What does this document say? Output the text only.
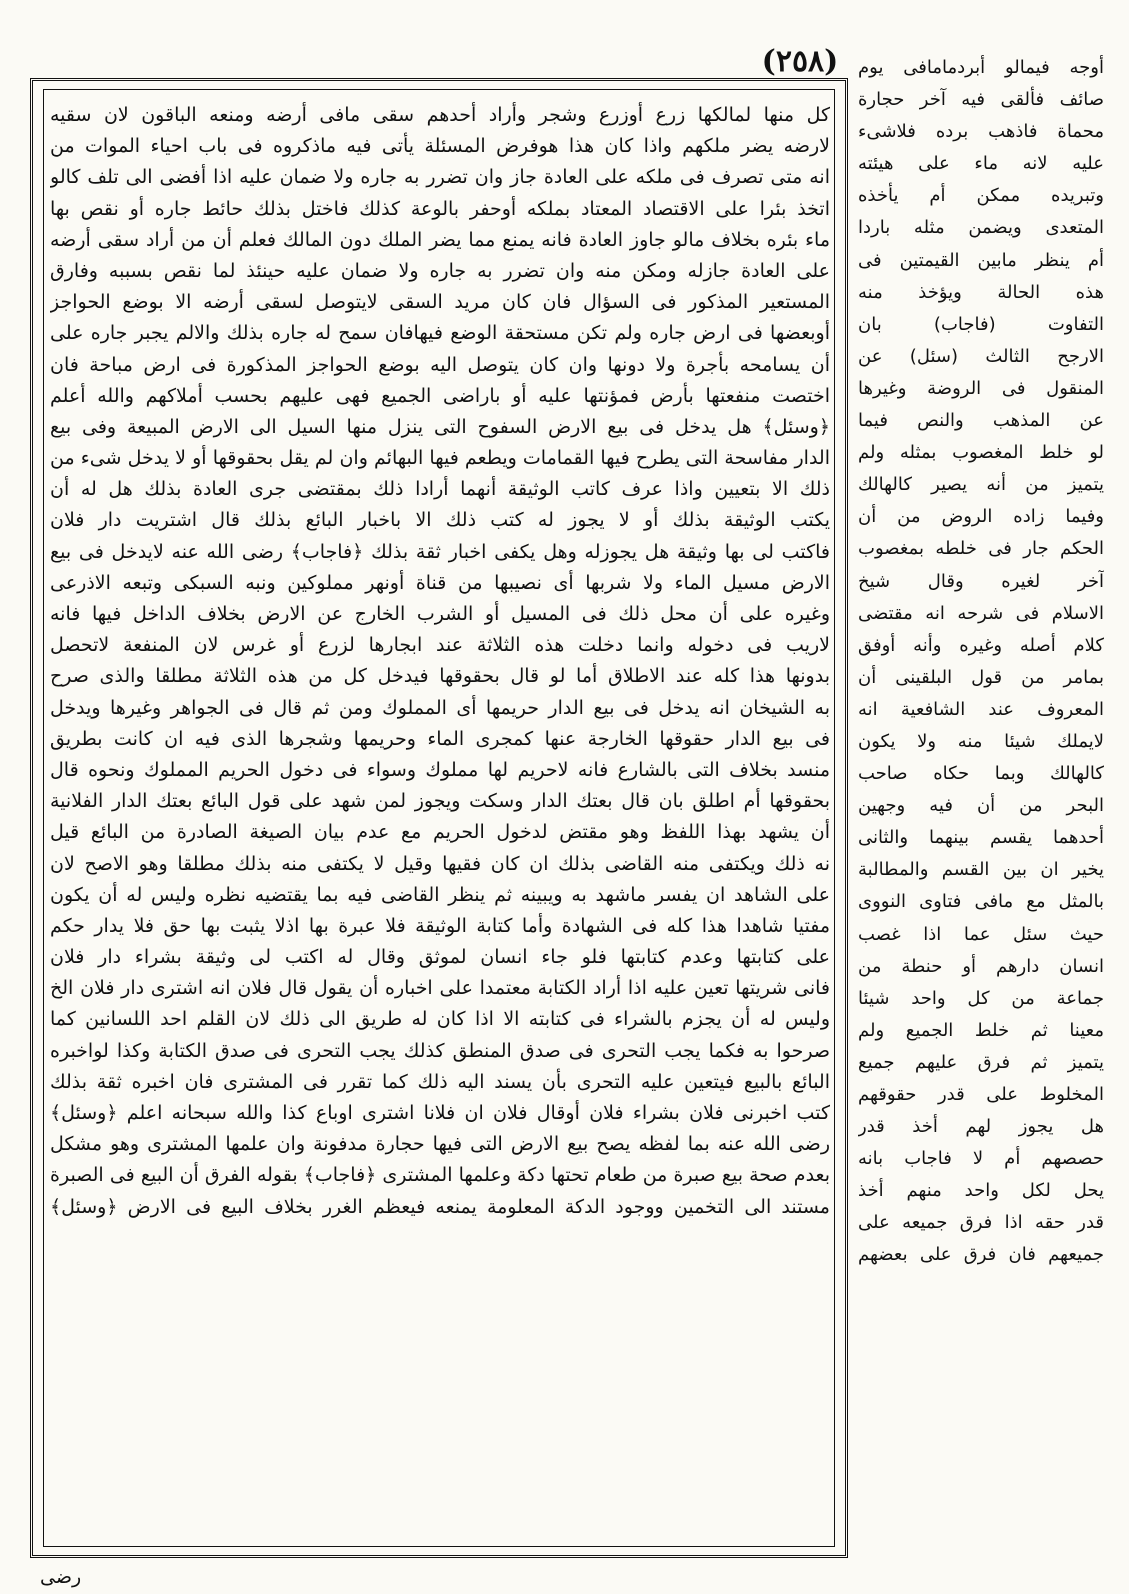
(٢٥٨)
كل منها لمالكها زرع أوزرع وشجر وأراد أحدهم سقى مافى أرضه ومنعه الباقون لان سقيه
لارضه يضر ملكهم واذا كان هذا هوفرض المسئلة يأتى فيه ماذكروه فى باب احياء الموات من
انه متى تصرف فى ملكه على العادة جاز وان تضرر به جاره ولا ضمان عليه اذا أفضى الى تلف كالو
اتخذ بئرا على الاقتصاد المعتاد بملكه أوحفر بالوعة كذلك فاختل بذلك حائط جاره أو نقص بها
ماء بئره بخلاف مالو جاوز العادة فانه يمنع مما يضر الملك دون المالك فعلم أن من أراد سقى أرضه
على العادة جازله ومكن منه وان تضرر به جاره ولا ضمان عليه حينئذ لما نقص بسببه وفارق
المستعير المذكور فى السؤال فان كان مريد السقى لايتوصل لسقى أرضه الا بوضع الحواجز
أوبعضها فى ارض جاره ولم تكن مستحقة الوضع فيهافان سمح له جاره بذلك والالم يجبر جاره على
أن يسامحه بأجرة ولا دونها وان كان يتوصل اليه بوضع الحواجز المذكورة فى ارض مباحة فان
اختصت منفعتها بأرض فمؤنتها عليه أو باراضى الجميع فهى عليهم بحسب أملاكهم والله أعلم
﴿وسئل﴾ هل يدخل فى بيع الارض السفوح التى ينزل منها السيل الى الارض المبيعة وفى بيع
الدار مفاسحة التى يطرح فيها القمامات ويطعم فيها البهائم وان لم يقل بحقوقها أو لا يدخل شىء من
ذلك الا بتعيين واذا عرف كاتب الوثيقة أنهما أرادا ذلك بمقتضى جرى العادة بذلك هل له أن
يكتب الوثيقة بذلك أو لا يجوز له كتب ذلك الا باخبار البائع بذلك قال اشتريت دار فلان
فاكتب لى بها وثيقة هل يجوزله وهل يكفى اخبار ثقة بذلك ﴿فاجاب﴾ رضى الله عنه لايدخل فى بيع
الارض مسيل الماء ولا شربها أى نصيبها من قناة أونهر مملوكين ونبه السبكى وتبعه الاذرعى
وغيره على أن محل ذلك فى المسيل أو الشرب الخارج عن الارض بخلاف الداخل فيها فانه
لاريب فى دخوله وانما دخلت هذه الثلاثة عند ابجارها لزرع أو غرس لان المنفعة لاتحصل
بدونها هذا كله عند الاطلاق أما لو قال بحقوقها فيدخل كل من هذه الثلاثة مطلقا والذى صرح
به الشيخان انه يدخل فى بيع الدار حريمها أى المملوك ومن ثم قال فى الجواهر وغيرها ويدخل
فى بيع الدار حقوقها الخارجة عنها كمجرى الماء وحريمها وشجرها الذى فيه ان كانت بطريق
منسد بخلاف التى بالشارع فانه لاحريم لها مملوك وسواء فى دخول الحريم المملوك ونحوه قال
بحقوقها أم اطلق بان قال بعتك الدار وسكت ويجوز لمن شهد على قول البائع بعتك الدار الفلانية
أن يشهد بهذا اللفظ وهو مقتض لدخول الحريم مع عدم بيان الصيغة الصادرة من البائع قيل
نه ذلك ويكتفى منه القاضى بذلك ان كان فقيها وقيل لا يكتفى منه بذلك مطلقا وهو الاصح لان
على الشاهد ان يفسر ماشهد به ويبينه ثم ينظر القاضى فيه بما يقتضيه نظره وليس له أن يكون
مفتيا شاهدا هذا كله فى الشهادة وأما كتابة الوثيقة فلا عبرة بها اذلا يثبت بها حق فلا يدار حكم
على كتابتها وعدم كتابتها فلو جاء انسان لموثق وقال له اكتب لى وثيقة بشراء دار فلان
فانى شريتها تعين عليه اذا أراد الكتابة معتمدا على اخباره أن يقول قال فلان انه اشترى دار فلان الخ
وليس له أن يجزم بالشراء فى كتابته الا اذا كان له طريق الى ذلك لان القلم احد اللسانين كما
صرحوا به فكما يجب التحرى فى صدق المنطق كذلك يجب التحرى فى صدق الكتابة وكذا لواخبره
البائع بالبيع فيتعين عليه التحرى بأن يسند اليه ذلك كما تقرر فى المشترى فان اخبره ثقة بذلك
كتب اخبرنى فلان بشراء فلان أوقال فلان ان فلانا اشترى اوباع كذا والله سبحانه اعلم ﴿وسئل﴾
رضى الله عنه بما لفظه يصح بيع الارض التى فيها حجارة مدفونة وان علمها المشترى وهو مشكل
بعدم صحة بيع صبرة من طعام تحتها دكة وعلمها المشترى ﴿فاجاب﴾ بقوله الفرق أن البيع فى الصبرة
مستند الى التخمين ووجود الدكة المعلومة يمنعه فيعظم الغرر بخلاف البيع فى الارض ﴿وسئل﴾
أوجه فيمالو أبردمامافى يوم
صائف فألقى فيه آخر حجارة
محماة فاذهب برده فلاشىء
عليه لانه ماء على هيئته
وتبريده ممكن أم يأخذه
المتعدى ويضمن مثله باردا
أم ينظر مابين القيمتين فى
هذه الحالة ويؤخذ منه
التفاوت (فاجاب) بان
الارجح الثالث (سئل) عن
المنقول فى الروضة وغيرها
عن المذهب والنص فيما
لو خلط المغصوب بمثله ولم
يتميز من أنه يصير كالهالك
وفيما زاده الروض من أن
الحكم جار فى خلطه بمغصوب
آخر لغيره وقال شيخ
الاسلام فى شرحه انه مقتضى
كلام أصله وغيره وأنه أوفق
بمامر من قول البلقينى أن
المعروف عند الشافعية انه
لايملك شيئا منه ولا يكون
كالهالك وبما حكاه صاحب
البحر من أن فيه وجهين
أحدهما يقسم بينهما والثانى
يخير ان بين القسم والمطالبة
بالمثل مع مافى فتاوى النووى
حيث سئل عما اذا غصب
انسان دارهم أو حنطة من
جماعة من كل واحد شيئا
معينا ثم خلط الجميع ولم
يتميز ثم فرق عليهم جميع
المخلوط على قدر حقوقهم
هل يجوز لهم أخذ قدر
حصصهم أم لا فاجاب بانه
يحل لكل واحد منهم أخذ
قدر حقه اذا فرق جميعه على
جميعهم فان فرق على بعضهم
رضى
